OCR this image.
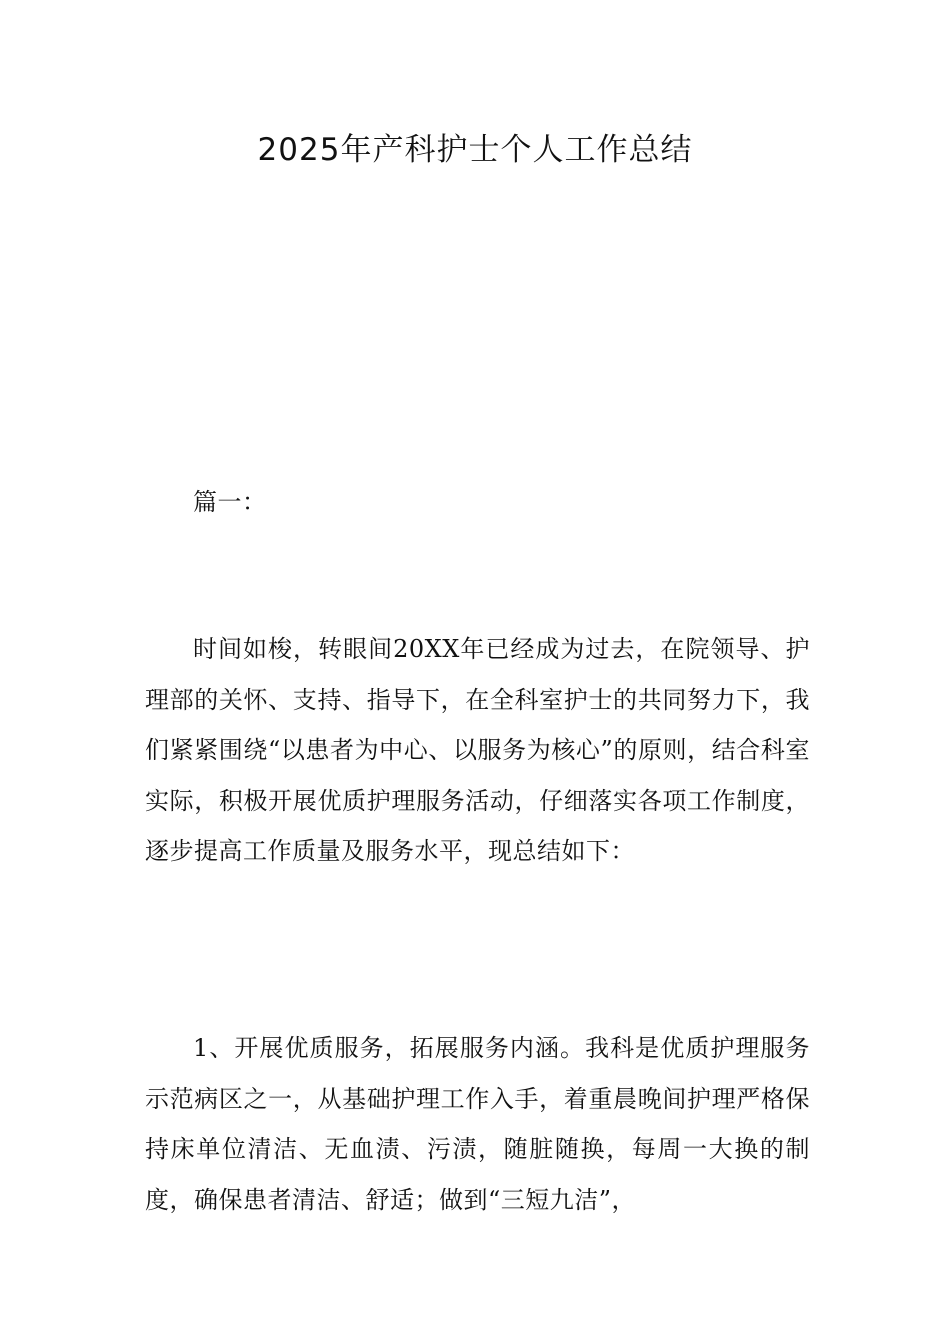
2025年产科护士个人工作总结

篇一：

时间如梭，转眼间20XX年已经成为过去，在院领导、护理部的关怀、支持、指导下，在全科室护士的共同努力下，我们紧紧围绕“以患者为中心、以服务为核心”的原则，结合科室实际，积极开展优质护理服务活动，仔细落实各项工作制度，逐步提高工作质量及服务水平，现总结如下：

1、开展优质服务，拓展服务内涵。我科是优质护理服务示范病区之一，从基础护理工作入手，着重晨晚间护理严格保持床单位清洁、无血渍、污渍，随脏随换，每周一大换的制度，确保患者清洁、舒适；做到“三短九洁”，
